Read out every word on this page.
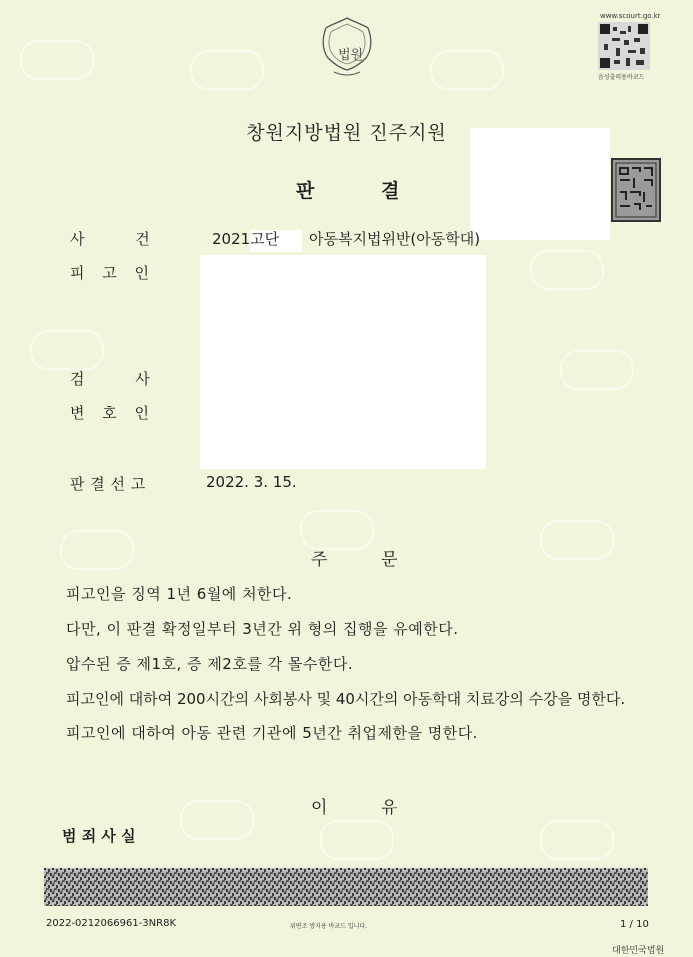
법원
www.scourt.go.kr
음성출력용바코드
창원지방법원 진주지원
판	결
사 건	2021고단 아동복지법위반(아동학대)
피 고 인
검 사
변 호 인
판 결 선 고	2022. 3. 15.
주	문
피고인을 징역 1년 6월에 처한다.
다만, 이 판결 확정일부터 3년간 위 형의 집행을 유예한다.
압수된 증 제1호, 증 제2호를 각 몰수한다.
피고인에 대하여 200시간의 사회봉사 및 40시간의 아동학대 치료강의 수강을 명한다.
피고인에 대하여 아동 관련 기관에 5년간 취업제한을 명한다.
이	유
범 죄 사 실
2022-0212066961-3NR8K	위변조 방지용 바코드 입니다.	1 / 10
대한민국법원
